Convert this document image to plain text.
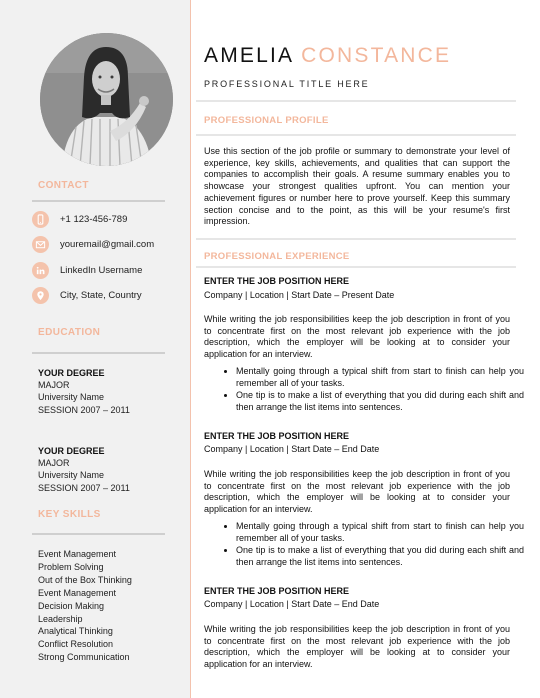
CONTACT
+1 123-456-789
youremail@gmail.com
LinkedIn Username
City, State, Country
EDUCATION
YOUR DEGREE
MAJOR
University Name
SESSION 2007 – 2011
YOUR DEGREE
MAJOR
University Name
SESSION 2007 – 2011
KEY SKILLS
Event Management
Problem Solving
Out of the Box Thinking
Event Management
Decision Making
Leadership
Analytical Thinking
Conflict Resolution
Strong Communication
AMELIA CONSTANCE
PROFESSIONAL TITLE HERE
PROFESSIONAL PROFILE
Use this section of the job profile or summary to demonstrate your level of experience, key skills, achievements, and qualities that can support the companies to accomplish their goals. A resume summary enables you to showcase your strongest qualities upfront. You can mention your achievement figures or number here to prove yourself. Keep this summary section concise and to the point, as this will be your resume's first impression.
PROFESSIONAL EXPERIENCE
ENTER THE JOB POSITION HERE
Company | Location | Start Date – Present Date
While writing the job responsibilities keep the job description in front of you to concentrate first on the most relevant job experience with the job description, which the employer will be looking at to consider your application for an interview.
• Mentally going through a typical shift from start to finish can help you remember all of your tasks.
• One tip is to make a list of everything that you did during each shift and then arrange the list items into sentences.
ENTER THE JOB POSITION HERE
Company | Location | Start Date – End Date
While writing the job responsibilities keep the job description in front of you to concentrate first on the most relevant job experience with the job description, which the employer will be looking at to consider your application for an interview.
• Mentally going through a typical shift from start to finish can help you remember all of your tasks.
• One tip is to make a list of everything that you did during each shift and then arrange the list items into sentences.
ENTER THE JOB POSITION HERE
Company | Location | Start Date – End Date
While writing the job responsibilities keep the job description in front of you to concentrate first on the most relevant job experience with the job description, which the employer will be looking at to consider your application for an interview.
